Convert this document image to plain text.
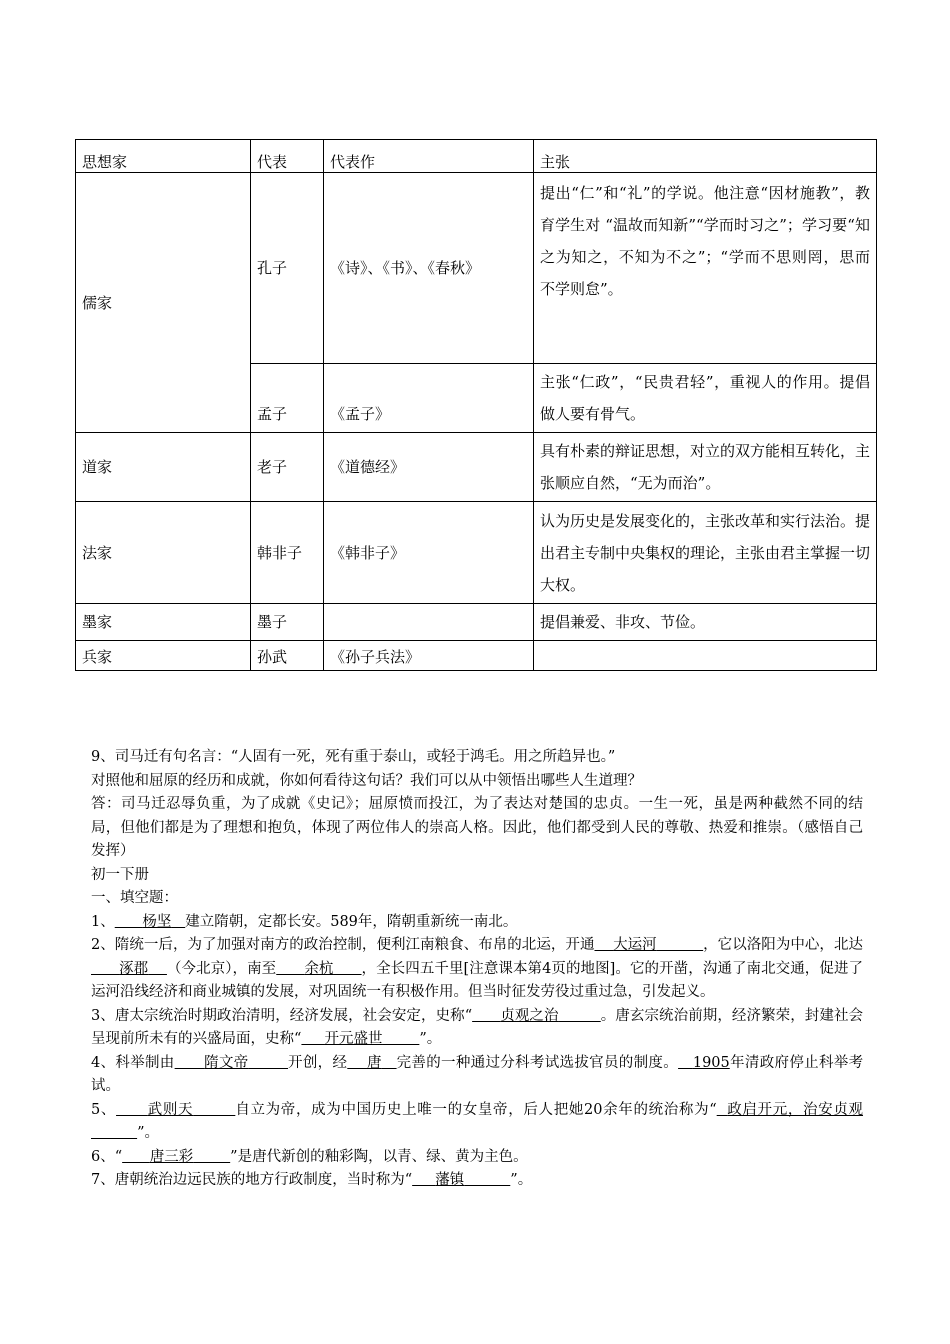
思想家	代表	代表作	主张
儒家	孔子	《诗》、《书》、《春秋》	提出“仁”和“礼”的学说。他注意“因材施教”，教育学生对 “温故而知新”“学而时习之”；学习要“知之为知之，不知为不之”；“学而不思则罔，思而不学则怠”。
	孟子	《孟子》	主张“仁政”，“民贵君轻”，重视人的作用。提倡做人要有骨气。
道家	老子	《道德经》	具有朴素的辩证思想，对立的双方能相互转化，主张顺应自然，“无为而治”。
法家	韩非子	《韩非子》	认为历史是发展变化的，主张改革和实行法治。提出君主专制中央集权的理论，主张由君主掌握一切大权。
墨家	墨子		提倡兼爱、非攻、节俭。
兵家	孙武	《孙子兵法》	

9、司马迁有句名言：“人固有一死，死有重于泰山，或轻于鸿毛。用之所趋异也。”

对照他和屈原的经历和成就，你如何看待这句话？我们可以从中领悟出哪些人生道理？

答：司马迁忍辱负重，为了成就《史记》；屈原愤而投江，为了表达对楚国的忠贞。一生一死，虽是两种截然不同的结局，但他们都是为了理想和抱负，体现了两位伟人的崇高人格。因此，他们都受到人民的尊敬、热爱和推崇。（感悟自己发挥）

初一下册

一、填空题：

1、 杨坚 建立隋朝，定都长安。589年，隋朝重新统一南北。

2、隋统一后，为了加强对南方的政治控制，便利江南粮食、布帛的北运，开通 大运河	，它以洛阳为中心，北达      涿郡 （今北京），南至 余杭 ，全长四五千里[注意课本第4页的地图]。它的开凿，沟通了南北交通，促进了运河沿线经济和商业城镇的发展，对巩固统一有积极作用。但当时征发劳役过重过急，引发起义。

3、唐太宗统治时期政治清明，经济发展，社会安定，史称“ 贞观之治	。唐玄宗统治前期，经济繁荣，封建社会呈现前所未有的兴盛局面，史称“ 开元盛世	”。

4、科举制由 隋文帝	开创，经 唐 完善的一种通过分科考试选拔官员的制度。 1905年清政府停止科举考试。

5、 武则天	自立为帝，成为中国历史上唯一的女皇帝，后人把她20余年的统治称为“ 政启开元，治安贞观          ”。

6、“ 唐三彩	”是唐代新创的釉彩陶，以青、绿、黄为主色。

7、唐朝统治边远民族的地方行政制度，当时称为“ 藩镇	”。
